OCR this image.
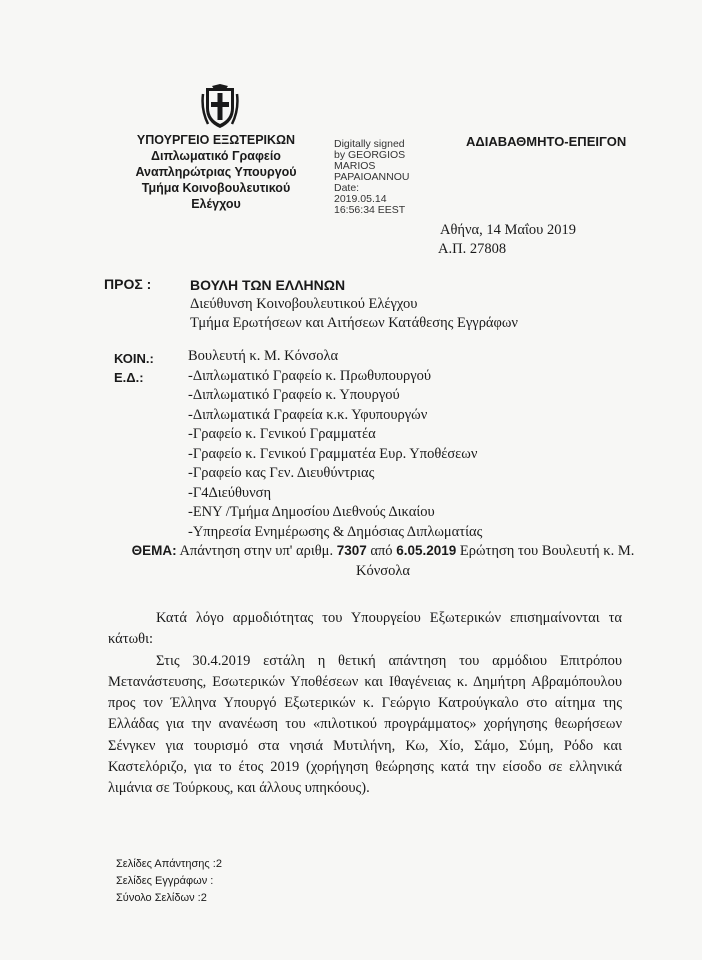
ΥΠΟΥΡΓΕΙΟ ΕΞΩΤΕΡΙΚΩΝ
Διπλωματικό Γραφείο
Αναπληρώτριας Υπουργού
Τμήμα Κοινοβουλευτικού
Ελέγχου
Digitally signed
by GEORGIOS
MARIOS
PAPAIOANNOU
Date:
2019.05.14
16:56:34 EEST
ΑΔΙΑΒΑΘΜΗΤΟ-ΕΠΕΙΓΟΝ
Αθήνα, 14 Μαΐου 2019
Α.Π. 27808
ΠΡΟΣ :	ΒΟΥΛΗ ΤΩΝ ΕΛΛΗΝΩΝ
Διεύθυνση Κοινοβουλευτικού Ελέγχου
Τμήμα Ερωτήσεων και Αιτήσεων Κατάθεσης Εγγράφων
ΚΟΙΝ.:
Ε.Δ.:
Βουλευτή κ. Μ. Κόνσολα
-Διπλωματικό Γραφείο κ. Πρωθυπουργού
-Διπλωματικό Γραφείο κ. Υπουργού
-Διπλωματικά Γραφεία κ.κ. Υφυπουργών
-Γραφείο κ. Γενικού Γραμματέα
-Γραφείο κ. Γενικού Γραμματέα Ευρ. Υποθέσεων
-Γραφείο κας Γεν. Διευθύντριας
-Γ4Διεύθυνση
-ΕΝΥ /Τμήμα Δημοσίου Διεθνούς Δικαίου
-Υπηρεσία Ενημέρωσης & Δημόσιας Διπλωματίας
ΘΕΜΑ: Απάντηση στην υπ' αριθμ. 7307 από 6.05.2019 Ερώτηση του Βουλευτή κ. Μ. Κόνσολα

Κατά λόγο αρμοδιότητας του Υπουργείου Εξωτερικών επισημαίνονται τα κάτωθι:

Στις 30.4.2019 εστάλη η θετική απάντηση του αρμόδιου Επιτρόπου Μετανάστευσης, Εσωτερικών Υποθέσεων και Ιθαγένειας κ. Δημήτρη Αβραμόπουλου προς τον Έλληνα Υπουργό Εξωτερικών κ. Γεώργιο Κατρούγκαλο στο αίτημα της Ελλάδας για την ανανέωση του «πιλοτικού προγράμματος» χορήγησης θεωρήσεων Σένγκεν για τουρισμό στα νησιά Μυτιλήνη, Κω, Χίο, Σάμο, Σύμη, Ρόδο και Καστελόριζο, για το έτος 2019 (χορήγηση θεώρησης κατά την είσοδο σε ελληνικά λιμάνια σε Τούρκους, και άλλους υπηκόους).

Σελίδες Απάντησης :2
Σελίδες Εγγράφων :
Σύνολο Σελίδων :2
